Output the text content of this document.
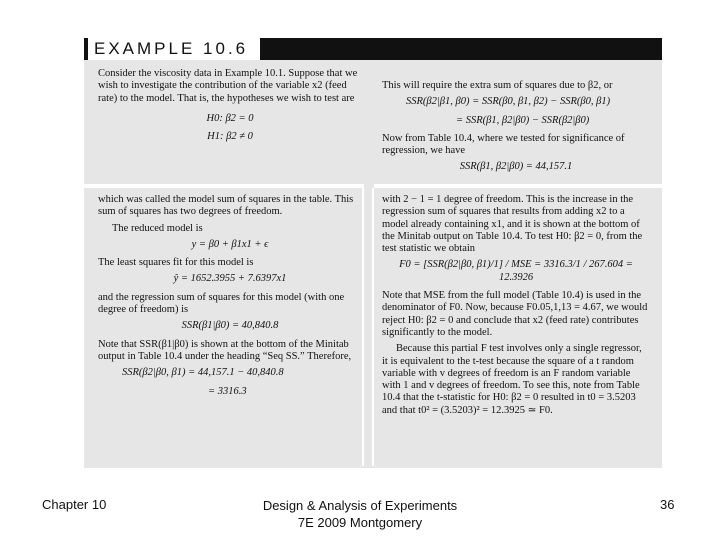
EXAMPLE 10.6

Consider the viscosity data in Example 10.1. Suppose that we wish to investigate the contribution of the variable x2 (feed rate) to the model. That is, the hypotheses we wish to test are

H0: β2 = 0
H1: β2 ≠ 0

This will require the extra sum of squares due to β2, or

SSR(β2|β1, β0) = SSR(β0, β1, β2) − SSR(β0, β1)
= SSR(β1, β2|β0) − SSR(β2|β0)

Now from Table 10.4, where we tested for significance of regression, we have

SSR(β1, β2|β0) = 44,157.1

which was called the model sum of squares in the table. This sum of squares has two degrees of freedom.

The reduced model is

y = β0 + β1x1 + ϵ

The least squares fit for this model is

ŷ = 1652.3955 + 7.6397x1

and the regression sum of squares for this model (with one degree of freedom) is

SSR(β1|β0) = 40,840.8

Note that SSR(β1|β0) is shown at the bottom of the Minitab output in Table 10.4 under the heading “Seq SS.” Therefore,

SSR(β2|β0, β1) = 44,157.1 − 40,840.8
= 3316.3

with 2 − 1 = 1 degree of freedom. This is the increase in the regression sum of squares that results from adding x2 to a model already containing x1, and it is shown at the bottom of the Minitab output on Table 10.4. To test H0: β2 = 0, from the test statistic we obtain

F0 = [SSR(β2|β0, β1)/1] / MSE = 3316.3/1 / 267.604 = 12.3926

Note that MSE from the full model (Table 10.4) is used in the denominator of F0. Now, because F0.05,1,13 = 4.67, we would reject H0: β2 = 0 and conclude that x2 (feed rate) contributes significantly to the model.

Because this partial F test involves only a single regressor, it is equivalent to the t-test because the square of a t random variable with v degrees of freedom is an F random variable with 1 and v degrees of freedom. To see this, note from Table 10.4 that the t-statistic for H0: β2 = 0 resulted in t0 = 3.5203 and that t0² = (3.5203)² = 12.3925 ≃ F0.

Chapter 10	Design & Analysis of Experiments
7E 2009 Montgomery
36
